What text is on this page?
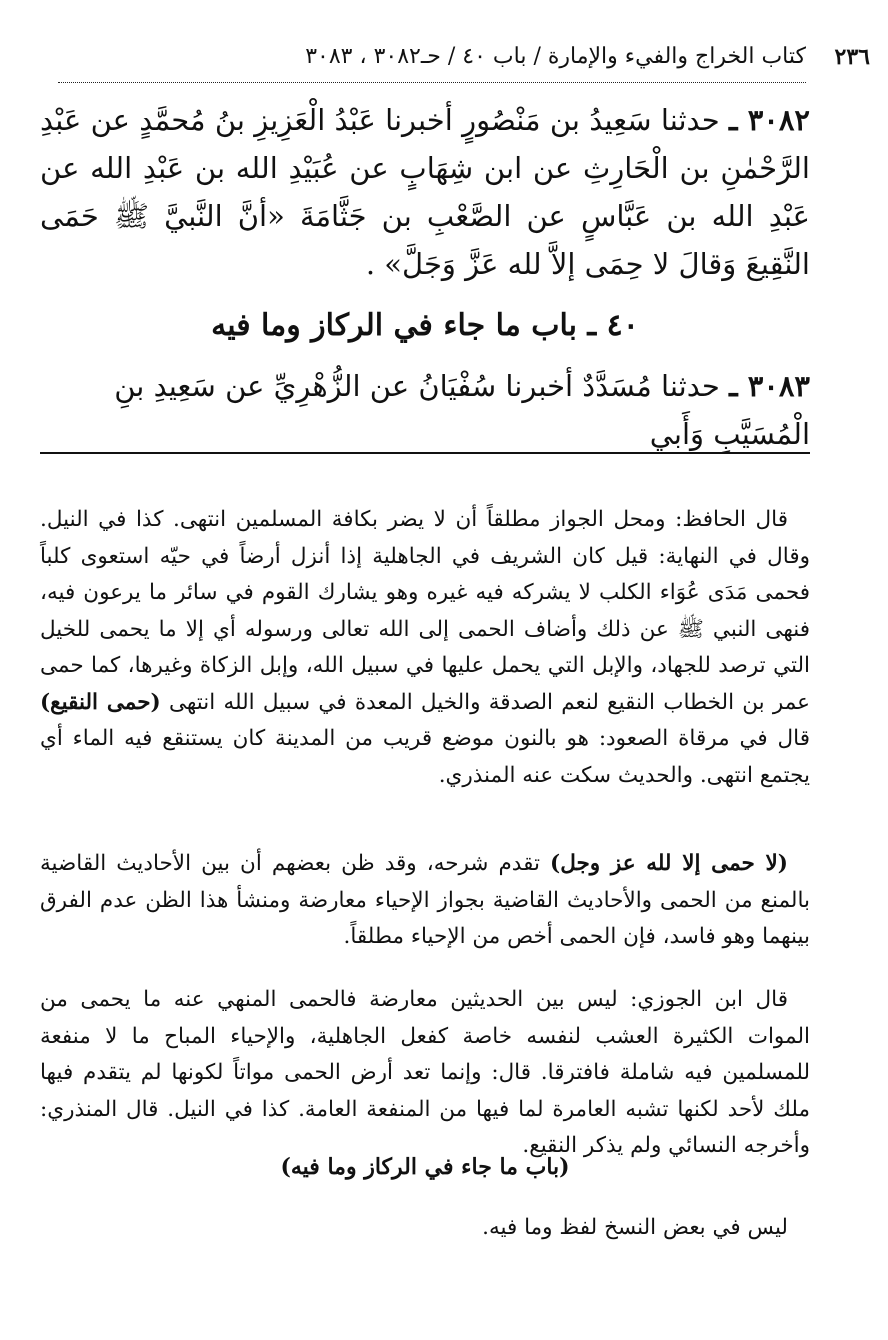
٢٣٦
كتاب الخراج والفيء والإمارة / باب ٤٠ / حـ٣٠٨٢ ، ٣٠٨٣
٣٠٨٢ ـ حدثنا سَعِيدُ بن مَنْصُورٍ أخبرنا عَبْدُ الْعَزِيزِ بنُ مُحمَّدٍ عن عَبْدِ الرَّحْمٰنِ بن الْحَارِثِ عن ابن شِهَابٍ عن عُبَيْدِ الله بن عَبْدِ الله عن عَبْدِ الله بن عَبَّاسٍ عن الصَّعْبِ بن جَثَّامَةَ «أنَّ النَّبيَّ ﷺ حَمَى النَّقِيعَ وَقالَ لا حِمَى إلاَّ لله عَزَّ وَجَلَّ» .
٤٠ ـ باب ما جاء في الركاز وما فيه
٣٠٨٣ ـ حدثنا مُسَدَّدٌ أخبرنا سُفْيَانُ عن الزُّهْرِيِّ عن سَعِيدِ بنِ الْمُسَيَّبِ وَأَبي
قال الحافظ: ومحل الجواز مطلقاً أن لا يضر بكافة المسلمين انتهى. كذا في النيل. وقال في النهاية: قيل كان الشريف في الجاهلية إذا أنزل أرضاً في حيّه استعوى كلباً فحمى مَدَى عُوَاء الكلب لا يشركه فيه غيره وهو يشارك القوم في سائر ما يرعون فيه، فنهى النبي ﷺ عن ذلك وأضاف الحمى إلى الله تعالى ورسوله أي إلا ما يحمى للخيل التي ترصد للجهاد، والإبل التي يحمل عليها في سبيل الله، وإبل الزكاة وغيرها، كما حمى عمر بن الخطاب النقيع لنعم الصدقة والخيل المعدة في سبيل الله انتهى (حمى النقيع) قال في مرقاة الصعود: هو بالنون موضع قريب من المدينة كان يستنقع فيه الماء أي يجتمع انتهى. والحديث سكت عنه المنذري.
(لا حمى إلا لله عز وجل) تقدم شرحه، وقد ظن بعضهم أن بين الأحاديث القاضية بالمنع من الحمى والأحاديث القاضية بجواز الإحياء معارضة ومنشأ هذا الظن عدم الفرق بينهما وهو فاسد، فإن الحمى أخص من الإحياء مطلقاً.
قال ابن الجوزي: ليس بين الحديثين معارضة فالحمى المنهي عنه ما يحمى من الموات الكثيرة العشب لنفسه خاصة كفعل الجاهلية، والإحياء المباح ما لا منفعة للمسلمين فيه شاملة فافترقا. قال: وإنما تعد أرض الحمى مواتاً لكونها لم يتقدم فيها ملك لأحد لكنها تشبه العامرة لما فيها من المنفعة العامة. كذا في النيل. قال المنذري: وأخرجه النسائي ولم يذكر النقيع.
(باب ما جاء في الركاز وما فيه)
ليس في بعض النسخ لفظ وما فيه.
